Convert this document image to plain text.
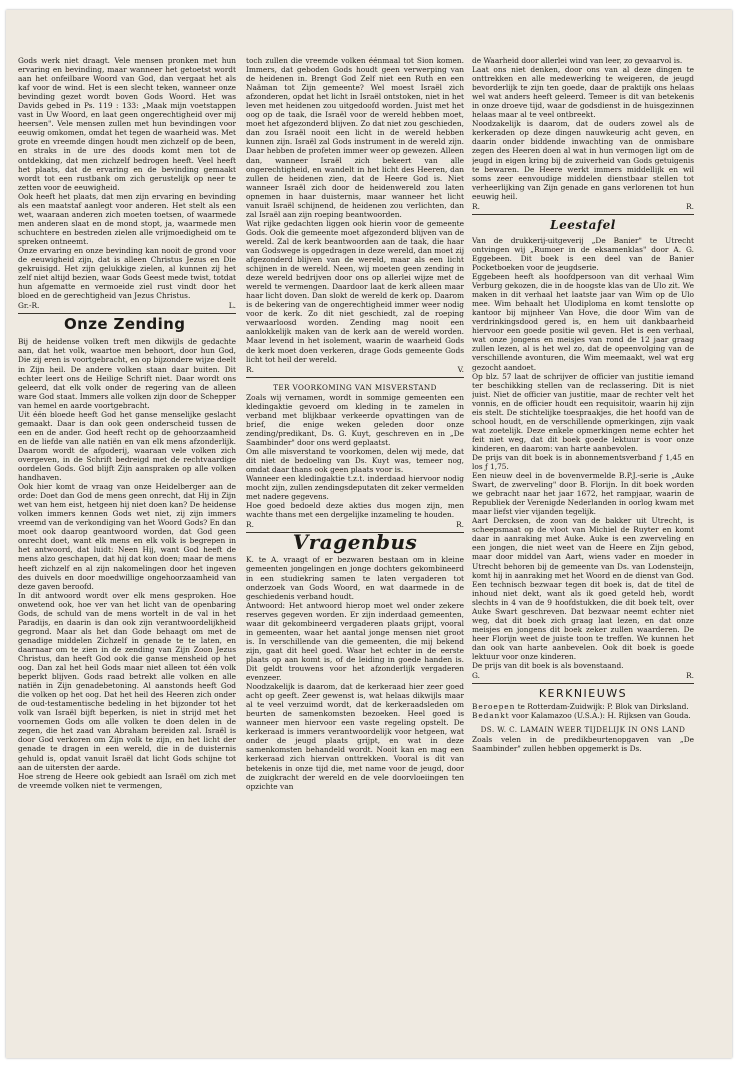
Gods werk niet draagt. Vele mensen pronken met hun ervaring en bevinding, maar wanneer het getoetst wordt aan het onfeilbare Woord van God, dan vergaat het als kaf voor de wind. Het is een slecht teken, wanneer onze bevinding gezet wordt boven Gods Woord. Het was Davids gebed in Ps. 119 : 133: „Maak mijn voetstappen vast in Uw Woord, en laat geen ongerechtigheid over mij heersen". Vele mensen zullen met hun bevindingen voor eeuwig omkomen, omdat het tegen de waarheid was. Met grote en vreemde dingen houdt men zichzelf op de been, en straks in de ure des doods komt men tot de ontdekking, dat men zichzelf bedrogen heeft. Veel heeft het plaats, dat de ervaring en de bevinding gemaakt wordt tot een rustbank om zich gerustelijk op neer te zetten voor de eeuwigheid.

Ook heeft het plaats, dat men zijn ervaring en bevinding als een maatstaf aanlegt voor anderen. Het stelt als een wet, waaraan anderen zich moeten toetsen, of waarmede men anderen slaat en de mond stopt, ja, waarmede men schuchtere en bestreden zielen alle vrijmoedigheid om te spreken ontneemt.

Onze ervaring en onze bevinding kan nooit de grond voor de eeuwigheid zijn, dat is alleen Christus Jezus en Die gekruisigd. Het zijn gelukkige zielen, al kunnen zij het zelf niet altijd bezien, waar Gods Geest mede twist, totdat hun afgematte en vermoeide ziel rust vindt door het bloed en de gerechtigheid van Jezus Christus.

Gr.-R.	L.
Onze Zending

Bij de heidense volken treft men dikwijls de gedachte aan, dat het volk, waartoe men behoort, door hun God, Die zij eren is voortgebracht, en op bijzondere wijze deelt in Zijn heil. De andere volken staan daar buiten. Dit echter leert ons de Heilige Schrift niet. Daar wordt ons geleerd, dat elk volk onder de regering van de alleen ware God staat. Immers alle volken zijn door de Schepper van hemel en aarde voortgebracht.

Uit één bloede heeft God het ganse menselijke geslacht gemaakt. Daar is dan ook geen onderscheid tussen de een en de ander. God heeft recht op de gehoorzaamheid en de liefde van alle natiën en van elk mens afzonderlijk. Daarom wordt de afgoderij, waaraan vele volken zich overgeven, in de Schrift bedreigd met de rechtvaardige oordelen Gods. God blijft Zijn aanspraken op alle volken handhaven.

Ook hier komt de vraag van onze Heidelberger aan de orde: Doet dan God de mens geen onrecht, dat Hij in Zijn wet van hem eist, hetgeen hij niet doen kan? De heidense volken immers kennen Gods wet niet, zij zijn immers vreemd van de verkondiging van het Woord Gods? En dan moet ook daarop geantwoord worden, dat God geen onrecht doet, want elk mens en elk volk is begrepen in het antwoord, dat luidt: Neen Hij, want God heeft de mens alzo geschapen, dat hij dat kon doen; maar de mens heeft zichzelf en al zijn nakomelingen door het ingeven des duivels en door moedwillige ongehoorzaamheid van deze gaven beroofd.

In dit antwoord wordt over elk mens gesproken. Hoe onwetend ook, hoe ver van het licht van de openbaring Gods, de schuld van de mens wortelt in de val in het Paradijs, en daarin is dan ook zijn verantwoordelijkheid gegrond. Maar als het dan Gode behaagt om met de genadige middelen Zichzelf in genade te te laten, en daarnaar om te zien in de zending van Zijn Zoon Jezus Christus, dan heeft God ook die ganse mensheid op het oog. Dan zal het heil Gods maar niet alleen tot één volk beperkt blijven. Gods raad betrekt alle volken en alle natiën in Zijn genadebetoning. Al aanstonds heeft God die volken op het oog. Dat het heil des Heeren zich onder de oud-testamentische bedeling in het bijzonder tot het volk van Israël bijft beperken, is niet in strijd met het voornemen Gods om alle volken te doen delen in de zegen, die het zaad van Abraham bereiden zal. Israël is door God verkoren om Zijn volk te zijn, en het licht der genade te dragen in een wereld, die in de duisternis gehuld is, opdat vanuit Israël dat licht Gods schijne tot aan de uitersten der aarde.

Hoe streng de Heere ook gebiedt aan Israël om zich met de vreemde volken niet te vermengen,

toch zullen die vreemde volken éénmaal tot Sion komen. Immers, dat geboden Gods houdt geen verwerping van de heidenen in. Brengt God Zelf niet een Ruth en een Naäman tot Zijn gemeente? Wel moest Israël zich afzonderen, opdat het licht in Israël ontstoken, niet in het leven met heidenen zou uitgedoofd worden. Juist met het oog op de taak, die Israël voor de wereld hebben moet, moet het afgezonderd blijven. Zo dat niet zou geschieden, dan zou Israël nooit een licht in de wereld hebben kunnen zijn. Israël zal Gods instrument in de wereld zijn. Daar hebben de profeten immer weer op gewezen. Alleen dan, wanneer Israël zich bekeert van alle ongerechtigheid, en wandelt in het licht des Heeren, dan zullen de heidenen zien, dat de Heere God is. Niet wanneer Israël zich door de heidenwereld zou laten opnemen in haar duisternis, maar wanneer het licht vanuit Israël schijnend, de heidenen zou verlichten, dan zal Israël aan zijn roeping beantwoorden.

Wat rijke gedachten liggen ook hierin voor de gemeente Gods. Ook die gemeente moet afgezonderd blijven van de wereld. Zal de kerk beantwoorden aan de taak, die haar van Godswege is opgedragen in deze wereld, dan moet zij afgezonderd blijven van de wereld, maar als een licht schijnen in de wereld. Neen, wij moeten geen zending in deze wereld bedrijven door ons op allerlei wijze met de wereld te vermengen. Daardoor laat de kerk alleen maar haar licht doven. Dan slokt de wereld de kerk op. Daarom is de bekering van de ongerechtigheid immer weer nodig voor de kerk. Zo dit niet geschiedt, zal de roeping verwaarloosd worden. Zending mag nooit een aanlokkelijk maken van de kerk aan de wereld worden. Maar levend in het isolement, waarin de waarheid Gods de kerk moet doen verkeren, drage Gods gemeente Gods licht tot heil der wereld.

R.	V.
TER VOORKOMING VAN MISVERSTAND

Zoals wij vernamen, wordt in sommige gemeenten een kledingaktie gevoerd om kleding in te zamelen in verband met blijkbaar verkeerde opvattingen van de brief, die enige weken geleden door onze zending/predikant, Ds. G. Kuyt, geschreven en in „De Saambinder" door ons werd geplaatst.

Om alle misverstand te voorkomen, delen wij mede, dat dit niet de bedoeling van Ds. Kuyt was, temeer nog, omdat daar thans ook geen plaats voor is.

Wanneer een kledingaktie t.z.t. inderdaad hiervoor nodig mocht zijn, zullen zendingsdeputaten dit zeker vermelden met nadere gegevens.

Hoe goed bedoeld deze akties dus mogen zijn, men wachte thans met een dergelijke inzameling te houden.

R.	R.
Vragenbus

K. te A. vraagt of er bezwaren bestaan om in kleine gemeenten jongelingen en jonge dochters gekombineerd in een studiekring samen te laten vergaderen tot onderzoek van Gods Woord, en wat daarmede in de geschiedenis verband houdt.

Antwoord: Het antwoord hierop moet wel onder zekere reserves gegeven worden. Er zijn inderdaad gemeenten, waar dit gekombineerd vergaderen plaats grijpt, vooral in gemeenten, waar het aantal jonge mensen niet groot is. In verschillende van die gemeenten, die mij bekend zijn, gaat dit heel goed. Waar het echter in de eerste plaats op aan komt is, of de leiding in goede handen is. Dit geldt trouwens voor het afzonderlijk vergaderen evenzeer.

Noodzakelijk is daarom, dat de kerkeraad hier zeer goed acht op geeft. Zeer gewenst is, wat helaas dikwijls maar al te veel verzuimd wordt, dat de kerkeraadsleden om beurten de samenkomsten bezoeken. Heel goed is wanneer men hiervoor een vaste regeling opstelt. De kerkeraad is immers verantwoordelijk voor hetgeen, wat onder de jeugd plaats grijpt, en wat in deze samenkomsten behandeld wordt. Nooit kan en mag een kerkeraad zich hiervan onttrekken. Vooral is dit van betekenis in onze tijd die, met name voor de jeugd, door de zuigkracht der wereld en de vele doorvloeiingen ten opzichte van

de Waarheid door allerlei wind van leer, zo gevaarvol is.

Laat ons niet denken, door ons van al deze dingen te onttrekken en alle medewerking te weigeren, de jeugd bevorderlijk te zijn ten goede, daar de praktijk ons helaas wel wat anders heeft geleerd. Temeer is dit van betekenis in onze droeve tijd, waar de godsdienst in de huisgezinnen helaas maar al te veel ontbreekt.

Noodzakelijk is daarom, dat de ouders zowel als de kerkeraden op deze dingen nauwkeurig acht geven, en daarin onder biddende inwachting van de onmisbare zegen des Heeren doen al wat in hun vermogen ligt om de jeugd in eigen kring bij de zuiverheid van Gods getuigenis te bewaren. De Heere werkt immers middellijk en wil soms zeer eenvoudige middelen dienstbaar stellen tot verheerlijking van Zijn genade en gans verlorenen tot hun eeuwig heil.

R.	R.
Leestafel

Van de drukkerij-uitgeverij „De Banier" te Utrecht ontvingen wij „Rumoer in de eksamenklas" door A. G. Eggebeen. Dit boek is een deel van de Banier Pocketboeken voor de jeugdserie.

Eggebeen heeft als hoofdpersoon van dit verhaal Wim Verburg gekozen, die in de hoogste klas van de Ulo zit. We maken in dit verhaal het laatste jaar van Wim op de Ulo mee. Wim behaalt het Ulodiploma en komt tenslotte op kantoor bij mijnheer Van Hove, die door Wim van de verdrinkingsdood gered is, en hem uit dankbaarheid hiervoor een goede positie wil geven. Het is een verhaal, wat onze jongens en meisjes van rond de 12 jaar graag zullen lezen, al is het wel zo, dat de opeenvolging van de verschillende avonturen, die Wim meemaakt, wel wat erg gezocht aandoet.

Op blz. 57 laat de schrijver de officier van justitie iemand ter beschikking stellen van de reclassering. Dit is niet juist. Niet de officier van justitie, maar de rechter velt het vonnis, en de officier houdt een requisitoir, waarin hij zijn eis stelt. De stichtelijke toespraakjes, die het hoofd van de school houdt, en de verschillende opmerkingen, zijn vaak wat zoetelijk. Deze enkele opmerkingen neme echter het feit niet weg, dat dit boek goede lektuur is voor onze kinderen, en daarom: van harte aanbevolen.

De prijs van dit boek is in abonnementsverband ƒ 1,45 en los ƒ 1,75.

Een nieuw deel in de bovenvermelde B.P.J.-serie is „Auke Swart, de zwerveling" door B. Florijn. In dit boek worden we gebracht naar het jaar 1672, het rampjaar, waarin de Republiek der Verenigde Nederlanden in oorlog kwam met maar liefst vier vijanden tegelijk.

Aart Dercksen, de zoon van de bakker uit Utrecht, is scheepsmaat op de vloot van Michiel de Ruyter en komt daar in aanraking met Auke. Auke is een zwerveling en een jongen, die niet weet van de Heere en Zijn gebod, maar door middel van Aart, wiens vader en moeder in Utrecht behoren bij de gemeente van Ds. van Lodensteijn, komt hij in aanraking met het Woord en de dienst van God.

Een technisch bezwaar tegen dit boek is, dat de titel de inhoud niet dekt, want als ik goed geteld heb, wordt slechts in 4 van de 9 hoofdstukken, die dit boek telt, over Auke Swart geschreven. Dat bezwaar neemt echter niet weg, dat dit boek zich graag laat lezen, en dat onze meisjes en jongens dit boek zeker zullen waarderen. De heer Florijn weet de juiste toon te treffen. We kunnen het dan ook van harte aanbevelen. Ook dit boek is goede lektuur voor onze kinderen.

De prijs van dit boek is als bovenstaand.

G.	R.
KERKNIEUWS

Beroepen te Rotterdam-Zuidwijk: P. Blok van Dirksland.

Bedankt voor Kalamazoo (U.S.A.): H. Rijksen van Gouda.

DS. W. C. LAMAIN WEER TIJDELIJK IN ONS LAND

Zoals velen in de predikbeurtenopgaven van „De Saambinder" zullen hebben opgemerkt is Ds.
